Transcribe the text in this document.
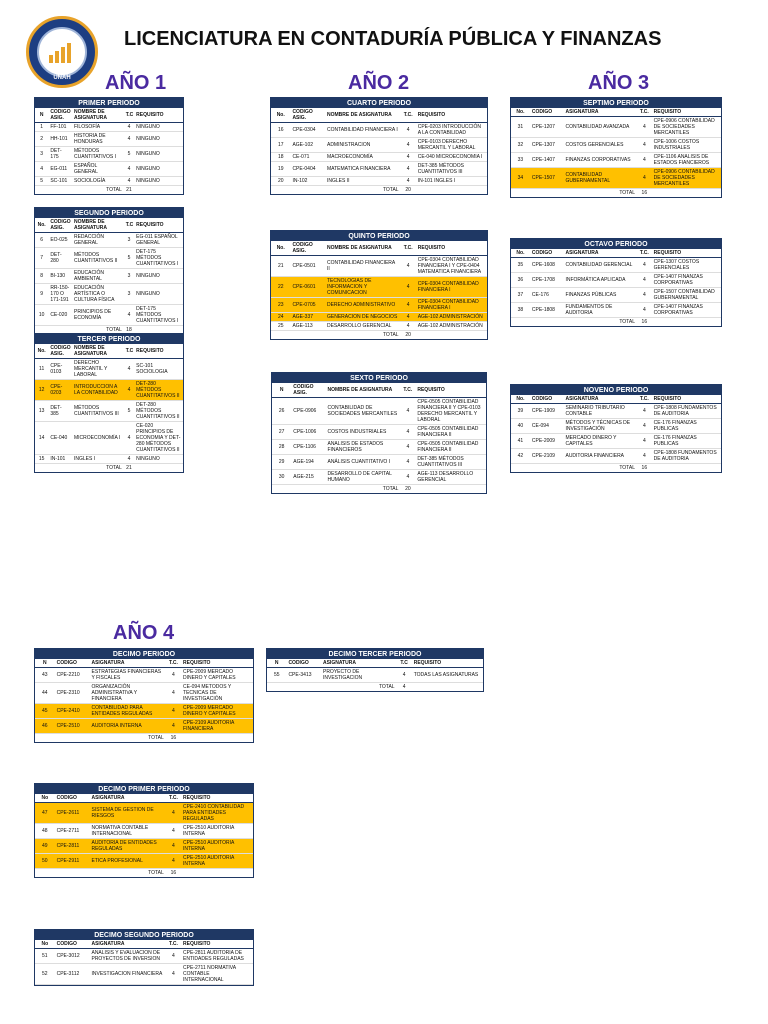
UNAH
LICENCIATURA EN CONTADURÍA PÚBLICA Y FINANZAS
AÑO 1	AÑO 2	AÑO 3
AÑO 4
PRIMER PERIODO				
N	CODIGO ASIG.	NOMBRE DE ASIGNATURA	T.C	REQUISITO
1	FF-101	FILOSOFÍA	4	NINGUNO
2	HH-101	HISTORIA DE HONDURAS	4	NINGUNO
3	DET-175	MÉTODOS CUANTITATIVOS I	5	NINGUNO
4	EG-011	ESPAÑOL GENERAL	4	NINGUNO
5	SC-101	SOCIOLOGÍA	4	NINGUNO
TOTAL			21	
SEGUNDO PERIODO				
No.	CODIGO ASIG.	NOMBRE DE ASIGNATURA	T.C	REQUISITO
6	EO-025	REDACCIÓN GENERAL	3	EG-011 ESPAÑOL GENERAL
7	DET-280	MÉTODOS CUANTITATIVOS II	5	DET-175 MÉTODOS CUANTITATIVOS I
8	BI-130	EDUCACIÓN AMBIENTAL	3	NINGUNO
9	RR-150-170 O 171-191	EDUCACIÓN ARTÍSTICA O CULTURA FÍSICA	3	NINGUNO
10	CE-020	PRINCIPIOS DE ECONOMÍA	4	DET-175 MÉTODOS CUANTITATIVOS I
TOTAL			18	
TERCER PERIODO				
No.	CODIGO ASIG.	NOMBRE DE ASIGNATURA	T.C	REQUISITO
11	CPE-0103	DERECHO MERCANTIL Y LABORAL	4	SC-101 SOCIOLOGIA
12	CPE-0203	INTRODUCCION A LA CONTABILIDAD	4	DET-280 MÉTODOS CUANTITATIVOS II
13	DET-385	MÉTODOS CUANTITATIVOS III	5	DET-280 MÉTODOS CUANTITATIVOS II
14	CE-040	MICROECONOMÍA I	4	CE-020 PRINCIPIOS DE ECONOMIA Y DET-280 MÉTODOS CUANTITATIVOS II
15	IN-101	INGLES I	4	NINGUNO
TOTAL			21	
CUARTO PERIODO				
No.	CODIGO ASIG.	NOMBRE DE ASIGNATURA	T.C.	REQUISITO
16	CPE-0304	CONTABILIDAD FINANCIERA I	4	CPE-0203 INTRODUCCIÓN A LA CONTABILIDAD
17	AGE-102	ADMINISTRACION	4	CPE-0103 DERECHO MERCANTIL Y LABORAL
18	CE-071	MACROECONOMÍA	4	CE-040 MICROECONOMIA I
19	CPE-0404	MATEMATICA FINANCIERA	4	DET-385 MÉTODOS CUANTITATIVOS III
20	IN-102	INGLES II	4	IN-101 INGLES I
TOTAL			20	
QUINTO PERIODO				
No.	CODIGO ASIG.	NOMBRE DE ASIGNATURA	T.C.	REQUISITO
21	CPE-0501	CONTABILIDAD FINANCIERA II	4	CPE-0304 CONTABILIDAD FINANCIERA I Y CPE-0404 MATEMATICA FINANCIERA
22	CPE-0601	TECNOLOGIAS DE INFORMACION Y COMUNICACION	4	CPE-0304 CONTABILIDAD FINANCIERA I
23	CPE-0705	DERECHO ADMINISTRATIVO	4	CPE-0304 CONTABILIDAD FINANCIERA I
24	AGE-337	GENERACION DE NEGOCIOS	4	AGE-102 ADMINISTRACIÓN
25	AGE-113	DESARROLLO GERENCIAL	4	AGE-102 ADMINISTRACIÓN
TOTAL			20	
SEXTO PERIODO				
N	CODIGO ASIG.	NOMBRE DE ASIGNATURA	T.C.	REQUISITO
26	CPE-0906	CONTABILIDAD DE SOCIEDADES MERCANTILES	4	CPE-0505 CONTABILIDAD FINANCIERA II Y CPE-0103 DERECHO MERCANTIL Y LABORAL
27	CPE-1006	COSTOS INDUSTRIALES	4	CPE-0505 CONTABILIDAD FINANCIERA II
28	CPE-1106	ANALISIS DE ESTADOS FINANCIEROS	4	CPE-0505 CONTABILIDAD FINANCIERA II
29	AGE-194	ANÁLISIS CUANTITATIVO I	4	DET-385 MÉTODOS CUANTITATIVOS III
30	AGE-215	DESARROLLO DE CAPITAL HUMANO	4	AGE-113 DESARROLLO GERENCIAL
TOTAL			20	
SEPTIMO PERIODO				
No.	CODIGO	ASIGNATURA	T.C.	REQUISITO
31	CPE-1207	CONTABILIDAD AVANZADA	4	CPE-0906 CONTABILIDAD DE SOCIEDADES MERCANTILES
32	CPE-1307	COSTOS GERENCIALES	4	CPE-1006 COSTOS INDUSTRIALES
33	CPE-1407	FINANZAS CORPORATIVAS	4	CPE-1106 ANALISIS DE ESTADOS FIANCIEROS
34	CPE-1507	CONTABILIDAD GUBERNAMENTAL	4	CPE-0906 CONTABILIDAD DE SOCIEDADES MERCANTILES
TOTAL			16	
OCTAVO PERIODO				
No.	CODIGO	ASIGNATURA	T.C.	REQUISITO
35	CPE-1608	CONTABILIDAD GERENCIAL	4	CPE-1307 COSTOS GERENCIALES
36	CPE-1708	INFORMÁTICA APLICADA	4	CPE-1407 FINANZAS CORPORATIVAS
37	CE-176	FINANZAS PÚBLICAS	4	CPE-1507 CONTABILIDAD GUBERNAMENTAL
38	CPE-1808	FUNDAMENTOS DE AUDITORIA	4	CPE-1407 FINANZAS CORPORATIVAS
TOTAL			16	
NOVENO PERIODO				
No.	CODIGO	ASIGNATURA	T.C.	REQUISITO
39	CPE-1909	SEMINARIO TRIBUTARIO CONTABLE	4	CPE-1808 FUNDAMENTOS DE AUDITORIA
40	CE-094	MÉTODOS Y TÉCNICAS DE INVESTIGACIÓN	4	CE-176 FINANZAS PUBLICAS
41	CPE-2009	MERCADO DINERO Y CAPITALES	4	CE-176 FINANZAS PUBLICAS
42	CPE-2109	AUDITORIA FINANCIERA	4	CPE-1808 FUNDAMENTOS DE AUDITORIA
TOTAL			16	
DECIMO PERIODO				
N	CODIGO	ASIGNATURA	T.C.	REQUISITO
43	CPE-2210	ESTRATEGIAS FINANCIERAS Y FISCALES	4	CPE-2009 MERCADO DINERO Y CAPITALES
44	CPE-2310	ORGANIZACIÓN ADMINISTRATIVA Y FINANCIERA	4	CE-094 METODOS Y TECNICAS DE INVESTIGACIÓN
45	CPE-2410	CONTABILIDAD PARA ENTIDADES REGULADAS	4	CPE-2009 MERCADO DINERO Y CAPITALES
46	CPE-2510	AUDITORIA INTERNA	4	CPE-2109 AUDITORIA FINANCIERA
TOTAL			16	
DECIMO PRIMER PERIODO				
No	CODIGO	ASIGNATURA	T.C.	REQUISITO
47	CPE-2611	SISTEMA DE GESTION DE RIESGOS	4	CPE-2410 CONTABILIDAD PARA ENTIDADES REGULADAS
48	CPE-2711	NORMATIVA CONTABLE INTERNACIONAL	4	CPE-2510 AUDITORIA INTERNA
49	CPE-2811	AUDITORIA DE ENTIDADES REGULADAS	4	CPE-2510 AUDITORIA INTERNA
50	CPE-2911	ETICA PROFESIONAL	4	CPE-2510 AUDITORIA INTERNA
TOTAL			16	
DECIMO SEGUNDO PERIODO				
No	CODIGO	ASIGNATURA	T.C.	REQUISITO
51	CPE-3012	ANALISIS Y EVALUACION DE PROYECTOS DE INVERSION	4	CPE-2811 AUDITORIA DE ENTIDADES REGULADAS
52	CPE-3112	INVESTIGACION FINANCIERA	4	CPE-2711 NORMATIVA CONTABLE INTERNACIONAL
DECIMO TERCER PERIODO				
N	CODIGO	ASIGNATURA	T.C	REQUISITO
55	CPE-3413	PROYECTO DE INVESTIGACION	4	TODAS LAS ASIGNATURAS
TOTAL			4	
